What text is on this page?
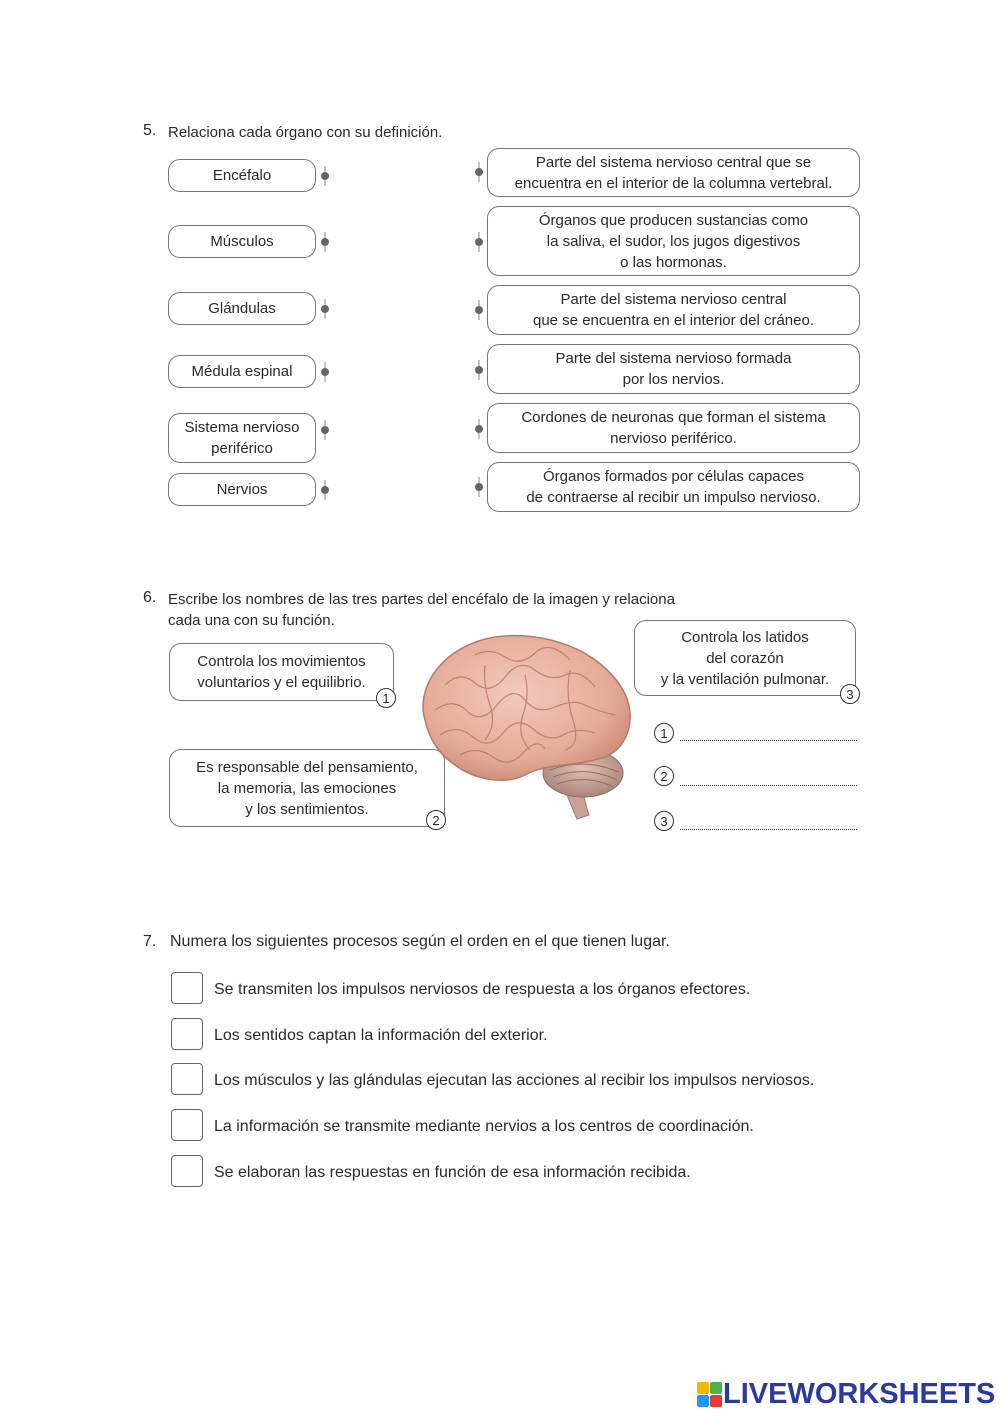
5. Relaciona cada órgano con su definición.
Encéfalo
Músculos
Glándulas
Médula espinal
Sistema nervioso
periférico
Nervios
Parte del sistema nervioso central que se
encuentra en el interior de la columna vertebral.
Órganos que producen sustancias como
la saliva, el sudor, los jugos digestivos
o las hormonas.
Parte del sistema nervioso central
que se encuentra en el interior del cráneo.
Parte del sistema nervioso formada
por los nervios.
Cordones de neuronas que forman el sistema
nervioso periférico.
Órganos formados por células capaces
de contraerse al recibir un impulso nervioso.
6. Escribe los nombres de las tres partes del encéfalo de la imagen y relaciona
cada una con su función.
Controla los movimientos
voluntarios y el equilibrio.
1
Es responsable del pensamiento,
la memoria, las emociones
y los sentimientos.
2
Controla los latidos
del corazón
y la ventilación pulmonar.
3
1
2
3
7. Numera los siguientes procesos según el orden en el que tienen lugar.
Se transmiten los impulsos nerviosos de respuesta a los órganos efectores.
Los sentidos captan la información del exterior.
Los músculos y las glándulas ejecutan las acciones al recibir los impulsos nerviosos.
La información se transmite mediante nervios a los centros de coordinación.
Se elaboran las respuestas en función de esa información recibida.
LIVEWORKSHEETS
